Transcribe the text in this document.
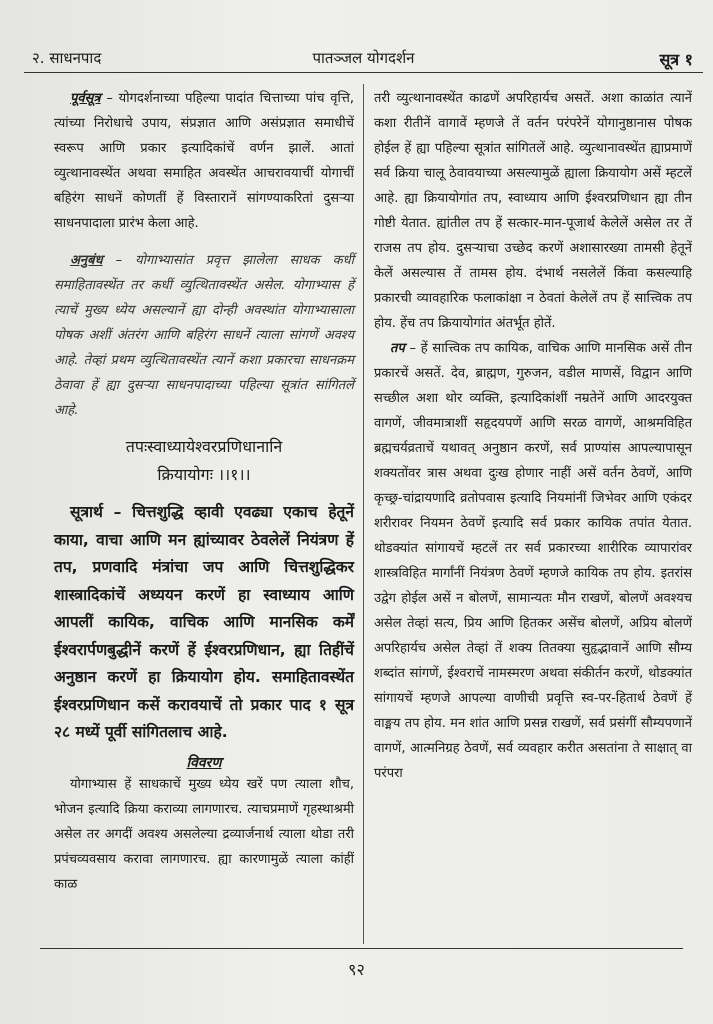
२. साधनपाद	पातञ्जल योगदर्शन	सूत्र १

पूर्वसूत्र – योगदर्शनाच्या पहिल्या पादांत चित्ताच्या पांच वृत्ति, त्यांच्या निरोधाचे उपाय, संप्रज्ञात आणि असंप्रज्ञात समाधीचें स्वरूप आणि प्रकार इत्यादिकांचें वर्णन झालें. आतां व्युत्थानावस्थेंत अथवा समाहित अवस्थेंत आचरावयाचीं योगाचीं बहिरंग साधनें कोणतीं हें विस्तारानें सांगण्याकरितां दुसऱ्या साधनपादाला प्रारंभ केला आहे.

अनुबंध – योगाभ्यासांत प्रवृत्त झालेला साधक कधीं समाहितावस्थेंत तर कधीं व्युत्थितावस्थेंत असेल. योगाभ्यास हें त्याचें मुख्य ध्येय असल्यानें ह्या दोन्ही अवस्थांत योगाभ्यासाला पोषक अशीं अंतरंग आणि बहिरंग साधनें त्याला सांगणें अवश्य आहे. तेव्हां प्रथम व्युत्थितावस्थेंत त्यानें कशा प्रकारचा साधनक्रम ठेवावा हें ह्या दुसऱ्या साधनपादाच्या पहिल्या सूत्रांत सांगितलें आहे.

तपःस्वाध्यायेश्वरप्रणिधानानि
क्रियायोगः ।।१।।

सूत्रार्थ – चित्तशुद्धि व्हावी एवढ्या एकाच हेतूनें काया, वाचा आणि मन ह्यांच्यावर ठेवलेलें नियंत्रण हें तप, प्रणवादि मंत्रांचा जप आणि चित्तशुद्धिकर शास्त्रादिकांचें अध्ययन करणें हा स्वाध्याय आणि आपलीं कायिक, वाचिक आणि मानसिक कर्में ईश्वरार्पणबुद्धीनें करणें हें ईश्वरप्रणिधान, ह्या तिहींचें अनुष्ठान करणें हा क्रियायोग होय. समाहितावस्थेंत ईश्वरप्रणिधान कसें करावयाचें तो प्रकार पाद १ सूत्र २८ मध्यें पूर्वी सांगितलाच आहे.

विवरण

योगाभ्यास हें साधकाचें मुख्य ध्येय खरें पण त्याला शौच, भोजन इत्यादि क्रिया कराव्या लागणारच. त्याचप्रमाणें गृहस्थाश्रमी असेल तर अगदीं अवश्य असलेल्या द्रव्यार्जनार्थ त्याला थोडा तरी प्रपंचव्यवसाय करावा लागणारच. ह्या कारणामुळें त्याला कांहीं काळ

तरी व्युत्थानावस्थेंत काढणें अपरिहार्यच असतें. अशा काळांत त्यानें कशा रीतीनें वागावें म्हणजे तें वर्तन परंपरेनें योगानुष्ठानास पोषक होईल हें ह्या पहिल्या सूत्रांत सांगितलें आहे. व्युत्थानावस्थेंत ह्याप्रमाणें सर्व क्रिया चालू ठेवावयाच्या असल्यामुळें ह्याला क्रियायोग असें म्हटलें आहे. ह्या क्रियायोगांत तप, स्वाध्याय आणि ईश्वरप्रणिधान ह्या तीन गोष्टी येतात. ह्यांतील तप हें सत्कार-मान-पूजार्थ केलेलें असेल तर तें राजस तप होय. दुसऱ्याचा उच्छेद करणें अशासारख्या तामसी हेतूनें केलें असल्यास तें तामस होय. दंभार्थ नसलेलें किंवा कसल्याहि प्रकारची व्यावहारिक फलाकांक्षा न ठेवतां केलेलें तप हें सात्त्विक तप होय. हेंच तप क्रियायोगांत अंतर्भूत होतें.

तप – हें सात्त्विक तप कायिक, वाचिक आणि मानसिक असें तीन प्रकारचें असतें. देव, ब्राह्मण, गुरुजन, वडील माणसें, विद्वान आणि सच्छील अशा थोर व्यक्ति, इत्यादिकांशीं नम्रतेनें आणि आदरयुक्त वागणें, जीवमात्राशीं सहृदयपणें आणि सरळ वागणें, आश्रमविहित ब्रह्मचर्यव्रताचें यथावत् अनुष्ठान करणें, सर्व प्राण्यांस आपल्यापासून शक्यतोंवर त्रास अथवा दुःख होणार नाहीं असें वर्तन ठेवणें, आणि कृच्छ्र-चांद्रायणादि व्रतोपवास इत्यादि नियमांनीं जिभेवर आणि एकंदर शरीरावर नियमन ठेवणें इत्यादि सर्व प्रकार कायिक तपांत येतात. थोडक्यांत सांगायचें म्हटलें तर सर्व प्रकारच्या शारीरिक व्यापारांवर शास्त्रविहित मार्गांनीं नियंत्रण ठेवणें म्हणजे कायिक तप होय. इतरांस उद्वेग होईल असें न बोलणें, सामान्यतः मौन राखणें, बोलणें अवश्यच असेल तेव्हां सत्य, प्रिय आणि हितकर असेंच बोलणें, अप्रिय बोलणें अपरिहार्यच असेल तेव्हां तें शक्य तितक्या सुहृद्भावानें आणि सौम्य शब्दांत सांगणें, ईश्वराचें नामस्मरण अथवा संकीर्तन करणें, थोडक्यांत सांगायचें म्हणजे आपल्या वाणीची प्रवृत्ति स्व-पर-हितार्थ ठेवणें हें वाङ्मय तप होय. मन शांत आणि प्रसन्न राखणें, सर्व प्रसंगीं सौम्यपणानें वागणें, आत्मनिग्रह ठेवणें, सर्व व्यवहार करीत असतांना ते साक्षात् वा परंपरा

९२
